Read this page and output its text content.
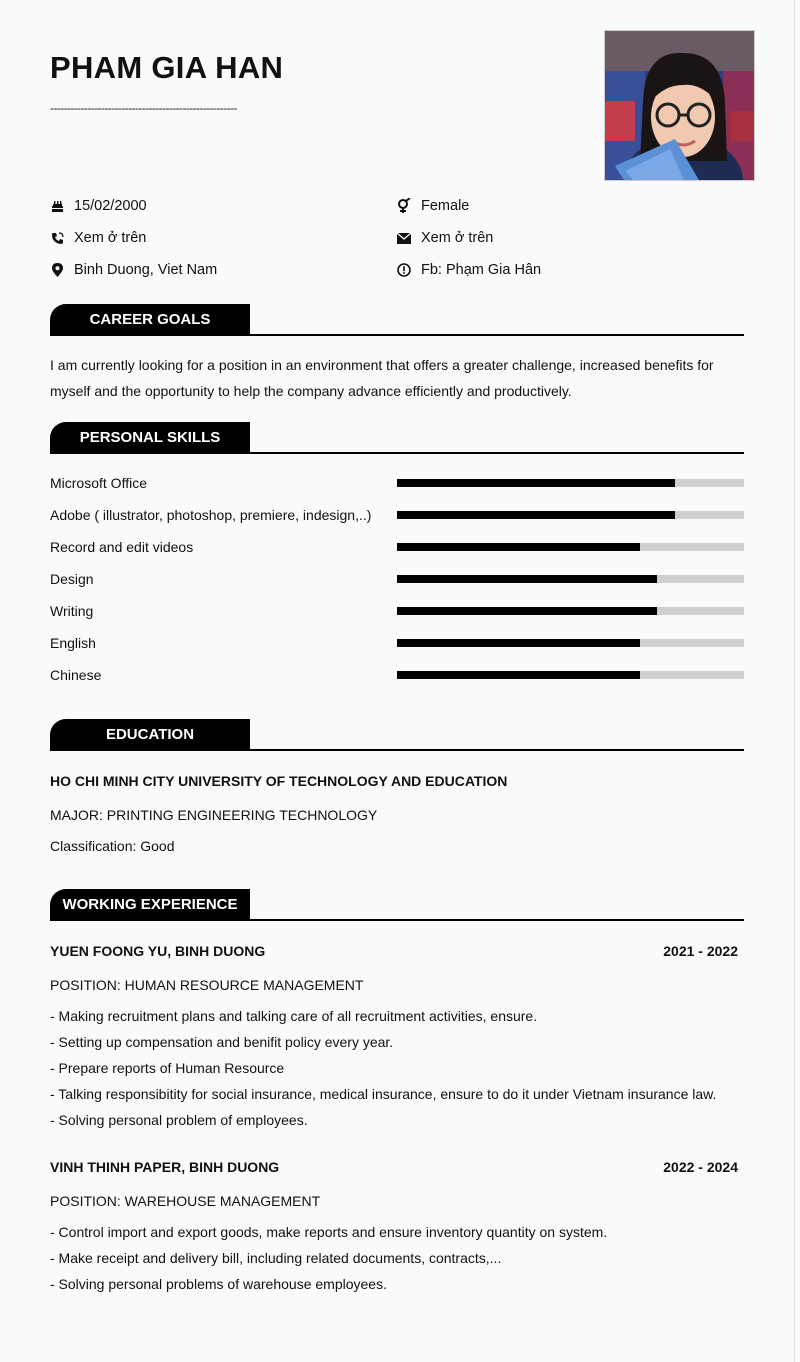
PHAM GIA HAN
-------------------------------------------------------
15/02/2000	Female
Xem ở trên	Xem ở trên
Binh Duong, Viet Nam	Fb: Phạm Gia Hân
CAREER GOALS
I am currently looking for a position in an environment that offers a greater challenge, increased benefits for myself and the opportunity to help the company advance efficiently and productively.
PERSONAL SKILLS
Microsoft Office
Adobe ( illustrator, photoshop, premiere, indesign,..)
Record and edit videos
Design
Writing
English
Chinese
EDUCATION
HO CHI MINH CITY UNIVERSITY OF TECHNOLOGY AND EDUCATION
MAJOR: PRINTING ENGINEERING TECHNOLOGY
Classification: Good
WORKING EXPERIENCE
YUEN FOONG YU, BINH DUONG	2021 - 2022
POSITION: HUMAN RESOURCE MANAGEMENT
- Making recruitment plans and talking care of all recruitment activities, ensure.
- Setting up compensation and benifit policy every year.
- Prepare reports of Human Resource
- Talking responsibitity for social insurance, medical insurance, ensure to do it under Vietnam insurance law.
- Solving personal problem of employees.
VINH THINH PAPER, BINH DUONG	2022 - 2024
POSITION: WAREHOUSE MANAGEMENT
- Control import and export goods, make reports and ensure inventory quantity on system.
- Make receipt and delivery bill, including related documents, contracts,...
- Solving personal problems of warehouse employees.
